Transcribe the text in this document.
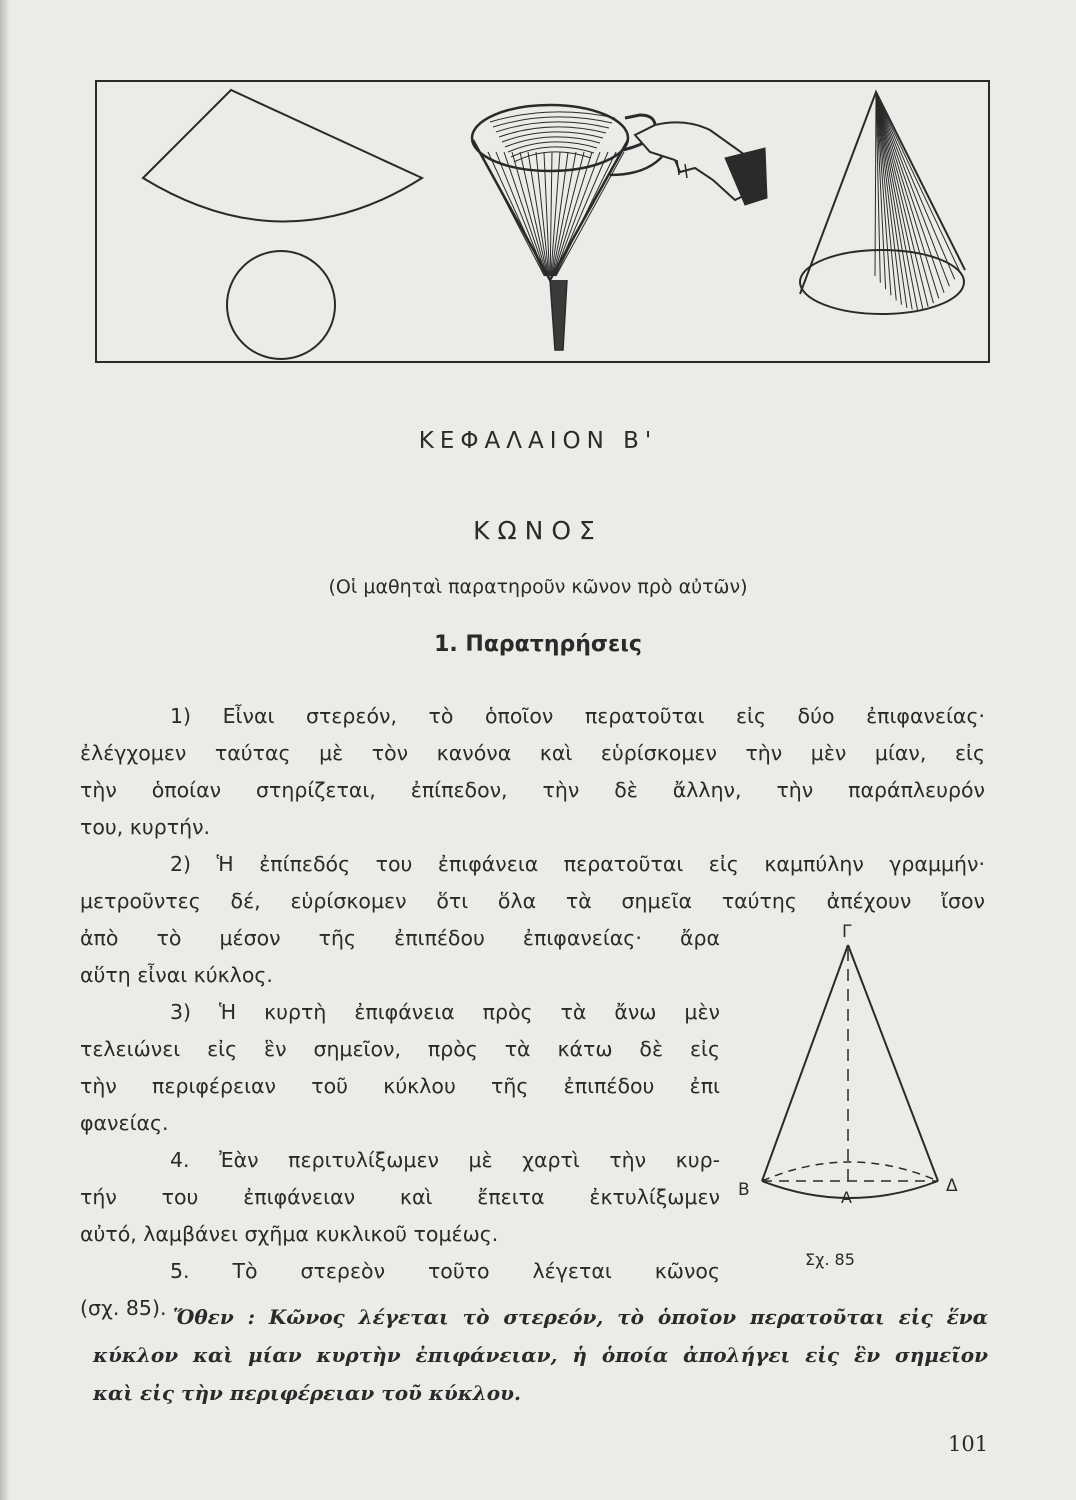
ΚΕΦΑΛΑΙΟΝ Β'
ΚΩΝΟΣ
(Οἱ μαθηταὶ παρατηροῦν κῶνον πρὸ αὐτῶν)
1. Παρατηρήσεις
1) Εἶναι στερεόν, τὸ ὁποῖον περατοῦται εἰς δύο ἐπιφανείας·
ἐλέγχομεν ταύτας μὲ τὸν κανόνα καὶ εὑρίσκομεν τὴν μὲν μίαν, εἰς
τὴν ὁποίαν στηρίζεται, ἐπίπεδον, τὴν δὲ ἄλλην, τὴν παράπλευρόν
του, κυρτήν.
2) Ἡ ἐπίπεδός του ἐπιφάνεια περατοῦται εἰς καμπύλην γραμμήν·
μετροῦντες δέ, εὑρίσκομεν ὅτι ὅλα τὰ σημεῖα ταύτης ἀπέχουν ἴσον
ἀπὸ τὸ μέσον τῆς ἐπιπέδου ἐπιφανείας· ἄρα
αὕτη εἶναι κύκλος.
3) Ἡ κυρτὴ ἐπιφάνεια πρὸς τὰ ἄνω μὲν
τελειώνει εἰς ἓν σημεῖον, πρὸς τὰ κάτω δὲ εἰς
τὴν περιφέρειαν τοῦ κύκλου τῆς ἐπιπέδου ἐπι
φανείας.
4. Ἐὰν περιτυλίξωμεν μὲ χαρτὶ τὴν κυρ-
τήν του ἐπιφάνειαν καὶ ἔπειτα ἐκτυλίξωμεν
αὐτό, λαμβάνει σχῆμα κυκλικοῦ τομέως.
5. Τὸ στερεὸν τοῦτο λέγεται κῶνος
(σχ. 85).
Γ
Β	Α
Δ
Σχ. 85
Ὅθεν : Κῶνος λέγεται τὸ στερεόν, τὸ ὁποῖον περατοῦται εἰς ἕνα
κύκλον καὶ μίαν κυρτὴν ἐπιφάνειαν, ἡ ὁποία ἀπολήγει εἰς ἓν σημεῖον
καὶ εἰς τὴν περιφέρειαν τοῦ κύκλου.
101
